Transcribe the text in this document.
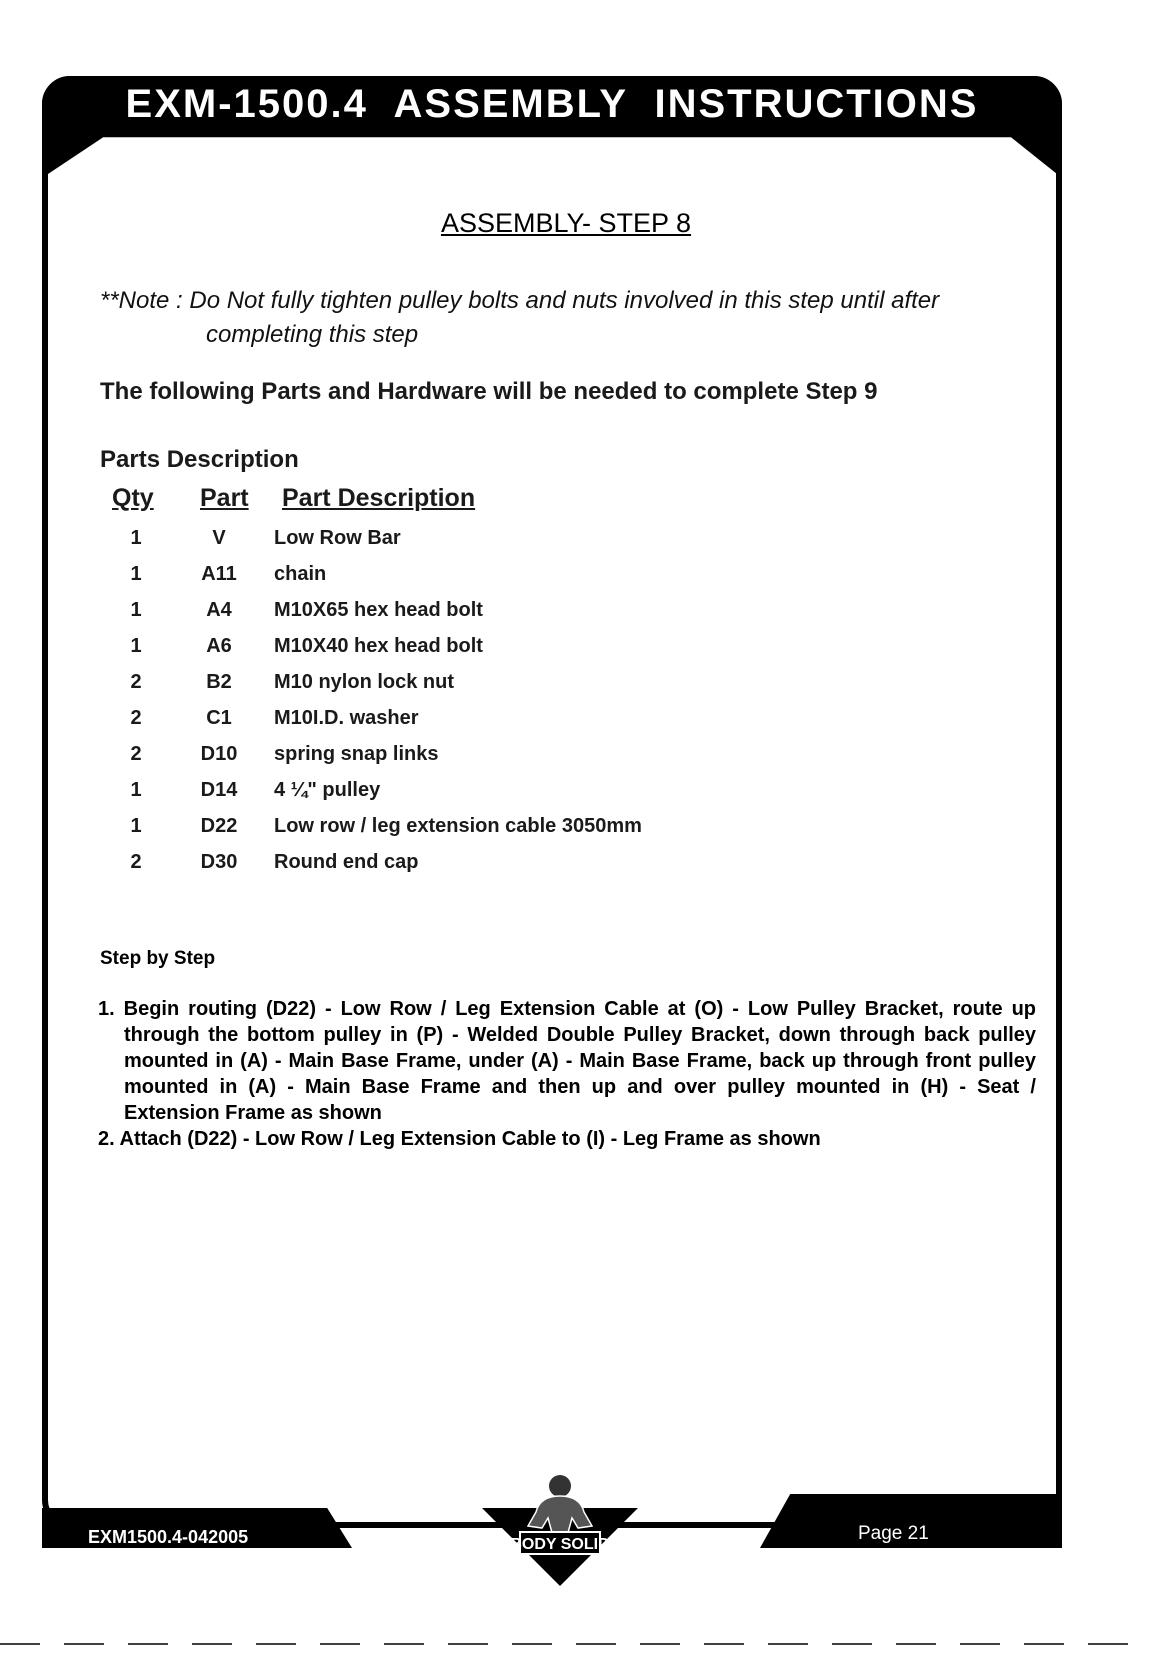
EXM-1500.4 ASSEMBLY INSTRUCTIONS
ASSEMBLY- STEP 8
**Note : Do Not fully tighten pulley bolts and nuts involved in this step until after
completing this step
The following Parts and Hardware will be needed to complete Step 9
Parts Description
Qty Part Part Description
1	V	Low Row Bar
1	A11	chain
1	A4	M10X65 hex head bolt
1	A6	M10X40 hex head bolt
2	B2	M10 nylon lock nut
2	C1	M10I.D. washer
2	D10	spring snap links
1	D14	4 ¼" pulley
1	D22	Low row / leg extension cable 3050mm
2	D30	Round end cap
Step by Step
1. Begin routing (D22) - Low Row / Leg Extension Cable at (O) - Low Pulley Bracket, route up through the bottom pulley in (P) - Welded Double Pulley Bracket, down through back pulley mounted in (A) - Main Base Frame, under (A) - Main Base Frame, back up through front pulley mounted in (A) - Main Base Frame and then up and over pulley mounted in (H) - Seat / Extension Frame as shown
2. Attach (D22) - Low Row / Leg Extension Cable to (I) - Leg Frame as shown
EXM1500.4-042005	Page 21
BODY SOLID
